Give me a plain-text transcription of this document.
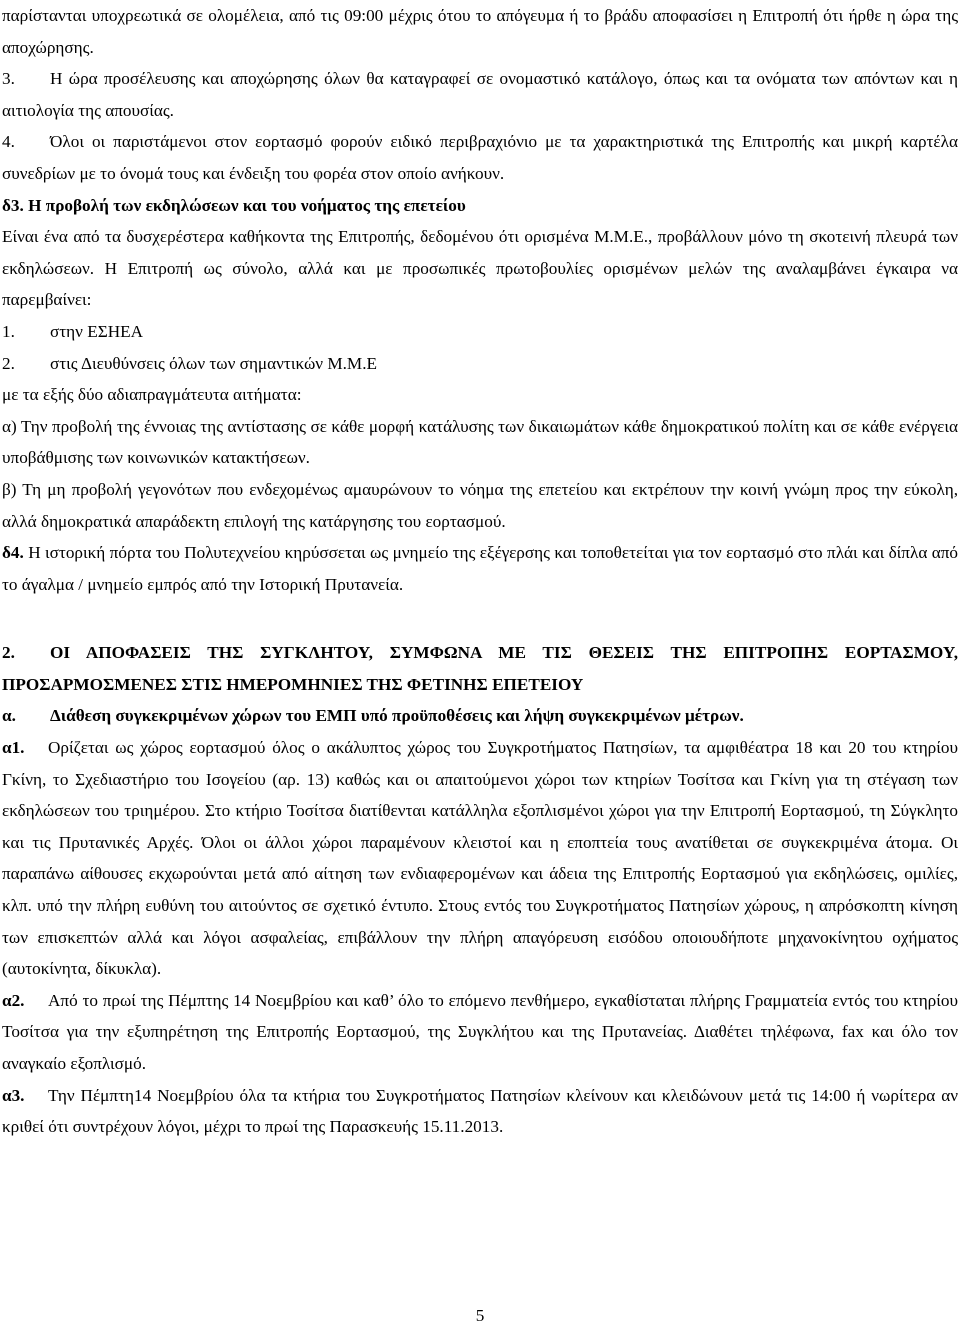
παρίστανται υποχρεωτικά σε ολομέλεια, από τις 09:00 μέχρις ότου το απόγευμα ή το βράδυ αποφασίσει η Επιτροπή ότι ήρθε η ώρα της αποχώρησης.

3. Η ώρα προσέλευσης και αποχώρησης όλων θα καταγραφεί σε ονομαστικό κατάλογο, όπως και τα ονόματα των απόντων και η αιτιολογία της απουσίας.

4. Όλοι οι παριστάμενοι στον εορτασμό φορούν ειδικό περιβραχιόνιο με τα χαρακτηριστικά της Επιτροπής και μικρή καρτέλα συνεδρίων με το όνομά τους και ένδειξη του φορέα στον οποίο ανήκουν.

δ3. Η προβολή των εκδηλώσεων και του νοήματος της επετείου

Είναι ένα από τα δυσχερέστερα καθήκοντα της Επιτροπής, δεδομένου ότι ορισμένα Μ.Μ.Ε., προβάλλουν μόνο τη σκοτεινή πλευρά των εκδηλώσεων. Η Επιτροπή ως σύνολο, αλλά και με προσωπικές πρωτοβουλίες ορισμένων μελών της αναλαμβάνει έγκαιρα να παρεμβαίνει:

1. στην ΕΣΗΕΑ

2. στις Διευθύνσεις όλων των σημαντικών Μ.Μ.Ε

με τα εξής δύο αδιαπραγμάτευτα αιτήματα:

α) Την προβολή της έννοιας της αντίστασης σε κάθε μορφή κατάλυσης των δικαιωμάτων κάθε δημοκρατικού πολίτη και σε κάθε ενέργεια υποβάθμισης των κοινωνικών κατακτήσεων.

β) Τη μη προβολή γεγονότων που ενδεχομένως αμαυρώνουν το νόημα της επετείου και εκτρέπουν την κοινή γνώμη προς την εύκολη, αλλά δημοκρατικά απαράδεκτη επιλογή της κατάργησης του εορτασμού.

δ4. Η ιστορική πόρτα του Πολυτεχνείου κηρύσσεται ως μνημείο της εξέγερσης και τοποθετείται για τον εορτασμό στο πλάι και δίπλα από το άγαλμα / μνημείο εμπρός από την Ιστορική Πρυτανεία.

2. ΟΙ ΑΠΟΦΑΣΕΙΣ ΤΗΣ ΣΥΓΚΛΗΤΟΥ, ΣΥΜΦΩΝΑ ΜΕ ΤΙΣ ΘΕΣΕΙΣ ΤΗΣ ΕΠΙΤΡΟΠΗΣ ΕΟΡΤΑΣΜΟΥ, ΠΡΟΣΑΡΜΟΣΜΕΝΕΣ ΣΤΙΣ ΗΜΕΡΟΜΗΝΙΕΣ ΤΗΣ ΦΕΤΙΝΗΣ ΕΠΕΤΕΙΟΥ

α. Διάθεση συγκεκριμένων χώρων του ΕΜΠ υπό προϋποθέσεις και λήψη συγκεκριμένων μέτρων.

α1. Ορίζεται ως χώρος εορτασμού όλος ο ακάλυπτος χώρος του Συγκροτήματος Πατησίων, τα αμφιθέατρα 18 και 20 του κτηρίου Γκίνη, το Σχεδιαστήριο του Ισογείου (αρ. 13) καθώς και οι απαιτούμενοι χώροι των κτηρίων Τοσίτσα και Γκίνη για τη στέγαση των εκδηλώσεων του τριημέρου. Στο κτήριο Τοσίτσα διατίθενται κατάλληλα εξοπλισμένοι χώροι για την Επιτροπή Εορτασμού, τη Σύγκλητο και τις Πρυτανικές Αρχές. Όλοι οι άλλοι χώροι παραμένουν κλειστοί και η εποπτεία τους ανατίθεται σε συγκεκριμένα άτομα. Οι παραπάνω αίθουσες εκχωρούνται μετά από αίτηση των ενδιαφερομένων και άδεια της Επιτροπής Εορτασμού για εκδηλώσεις, ομιλίες, κλπ. υπό την πλήρη ευθύνη του αιτούντος σε σχετικό έντυπο. Στους εντός του Συγκροτήματος Πατησίων χώρους, η απρόσκοπτη κίνηση των επισκεπτών αλλά και λόγοι ασφαλείας, επιβάλλουν την πλήρη απαγόρευση εισόδου οποιουδήποτε μηχανοκίνητου οχήματος (αυτοκίνητα, δίκυκλα).

α2. Από το πρωί της Πέμπτης 14 Νοεμβρίου και καθ’ όλο το επόμενο πενθήμερο, εγκαθίσταται πλήρης Γραμματεία εντός του κτηρίου Τοσίτσα για την εξυπηρέτηση της Επιτροπής Εορτασμού, της Συγκλήτου και της Πρυτανείας. Διαθέτει τηλέφωνα, fax και όλο τον αναγκαίο εξοπλισμό.

α3. Την Πέμπτη14 Νοεμβρίου όλα τα κτήρια του Συγκροτήματος Πατησίων κλείνουν και κλειδώνουν μετά τις 14:00 ή νωρίτερα αν κριθεί ότι συντρέχουν λόγοι, μέχρι το πρωί της Παρασκευής 15.11.2013.

5
